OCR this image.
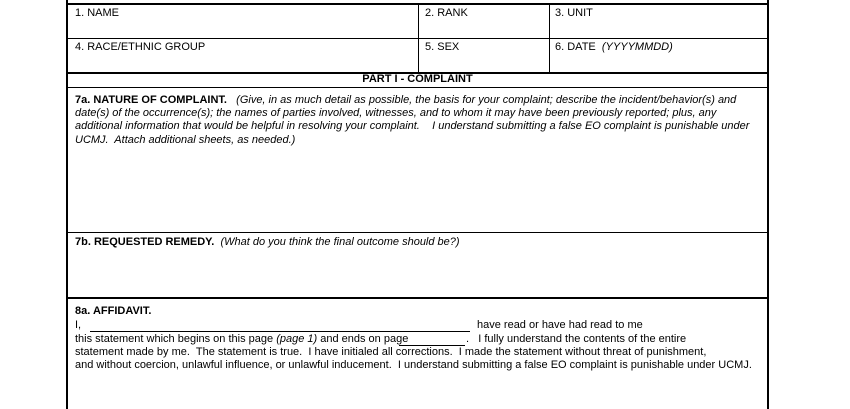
1. NAME	2. RANK	3. UNIT
4. RACE/ETHNIC GROUP	5. SEX	6. DATE (YYYYMMDD)
PART I - COMPLAINT
7a. NATURE OF COMPLAINT. (Give, in as much detail as possible, the basis for your complaint; describe the incident/behavior(s) and
date(s) of the occurrence(s); the names of parties involved, witnesses, and to whom it may have been previously reported; plus, any
additional information that would be helpful in resolving your complaint.    I understand submitting a false EO complaint is punishable under
UCMJ.  Attach additional sheets, as needed.)
7b. REQUESTED REMEDY. (What do you think the final outcome should be?)
8a. AFFIDAVIT.
I,	have read or have had read to me
this statement which begins on this page (page 1) and ends on page	.   I fully understand the contents of the entire
statement made by me.  The statement is true.  I have initialed all corrections.  I made the statement without threat of punishment,
and without coercion, unlawful influence, or unlawful inducement.  I understand submitting a false EO complaint is punishable under UCMJ.
